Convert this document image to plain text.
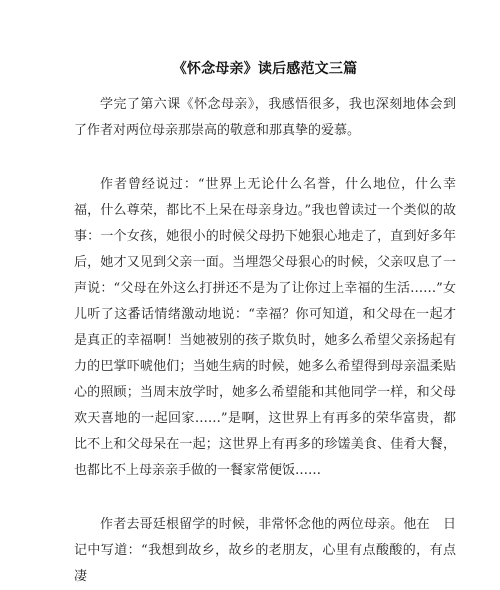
《怀念母亲》读后感范文三篇

学完了第六课《怀念母亲》，我感悟很多，我也深刻地体会到了作者对两位母亲那崇高的敬意和那真挚的爱慕。

作者曾经说过：“世界上无论什么名誉，什么地位，什么幸福，什么尊荣，都比不上呆在母亲身边。”我也曾读过一个类似的故事：一个女孩，她很小的时候父母扔下她狠心地走了，直到好多年后，她才又见到父亲一面。当埋怨父母狠心的时候，父亲叹息了一声说：“父母在外这么打拼还不是为了让你过上幸福的生活……”女儿听了这番话情绪激动地说：“幸福？你可知道，和父母在一起才是真正的幸福啊！当她被别的孩子欺负时，她多么希望父亲扬起有力的巴掌吓唬他们；当她生病的时候，她多么希望得到母亲温柔贴心的照顾；当周末放学时，她多么希望能和其他同学一样，和父母欢天喜地的一起回家……”是啊，这世界上有再多的荣华富贵，都比不上和父母呆在一起；这世界上有再多的珍馐美食、佳肴大餐，也都比不上母亲亲手做的一餐家常便饭……

作者去哥廷根留学的时候，非常怀念他的两位母亲。他在　日记中写道：“我想到故乡，故乡的老朋友，心里有点酸酸的，有点凄
